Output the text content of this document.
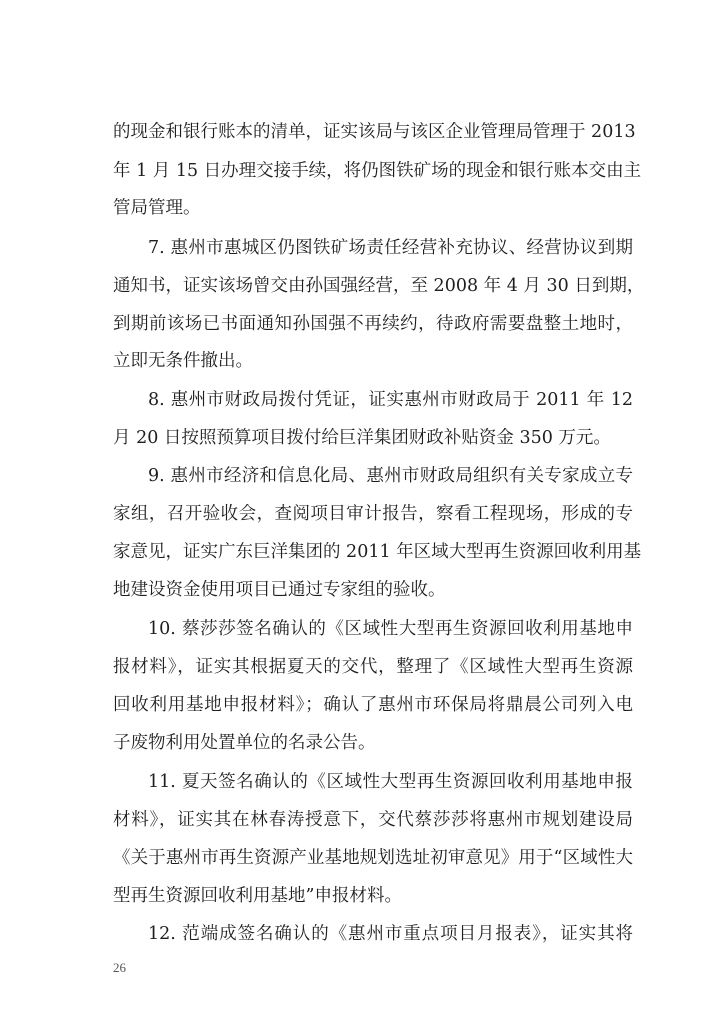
的现金和银行账本的清单，证实该局与该区企业管理局管理于 2013
年 1 月 15 日办理交接手续，将仍图铁矿场的现金和银行账本交由主
管局管理。
7. 惠州市惠城区仍图铁矿场责任经营补充协议、经营协议到期
通知书，证实该场曾交由孙国强经营，至 2008 年 4 月 30 日到期，
到期前该场已书面通知孙国强不再续约，待政府需要盘整土地时，
立即无条件撤出。
8. 惠州市财政局拨付凭证，证实惠州市财政局于 2011 年 12
月 20 日按照预算项目拨付给巨洋集团财政补贴资金 350 万元。
9. 惠州市经济和信息化局、惠州市财政局组织有关专家成立专
家组，召开验收会，查阅项目审计报告，察看工程现场，形成的专
家意见，证实广东巨洋集团的 2011 年区域大型再生资源回收利用基
地建设资金使用项目已通过专家组的验收。
10. 蔡莎莎签名确认的《区域性大型再生资源回收利用基地申
报材料》，证实其根据夏天的交代，整理了《区域性大型再生资源
回收利用基地申报材料》；确认了惠州市环保局将鼎晨公司列入电
子废物利用处置单位的名录公告。
11. 夏天签名确认的《区域性大型再生资源回收利用基地申报
材料》，证实其在林春涛授意下，交代蔡莎莎将惠州市规划建设局
《关于惠州市再生资源产业基地规划选址初审意见》用于“区域性大
型再生资源回收利用基地”申报材料。
12. 范端成签名确认的《惠州市重点项目月报表》，证实其将
26
